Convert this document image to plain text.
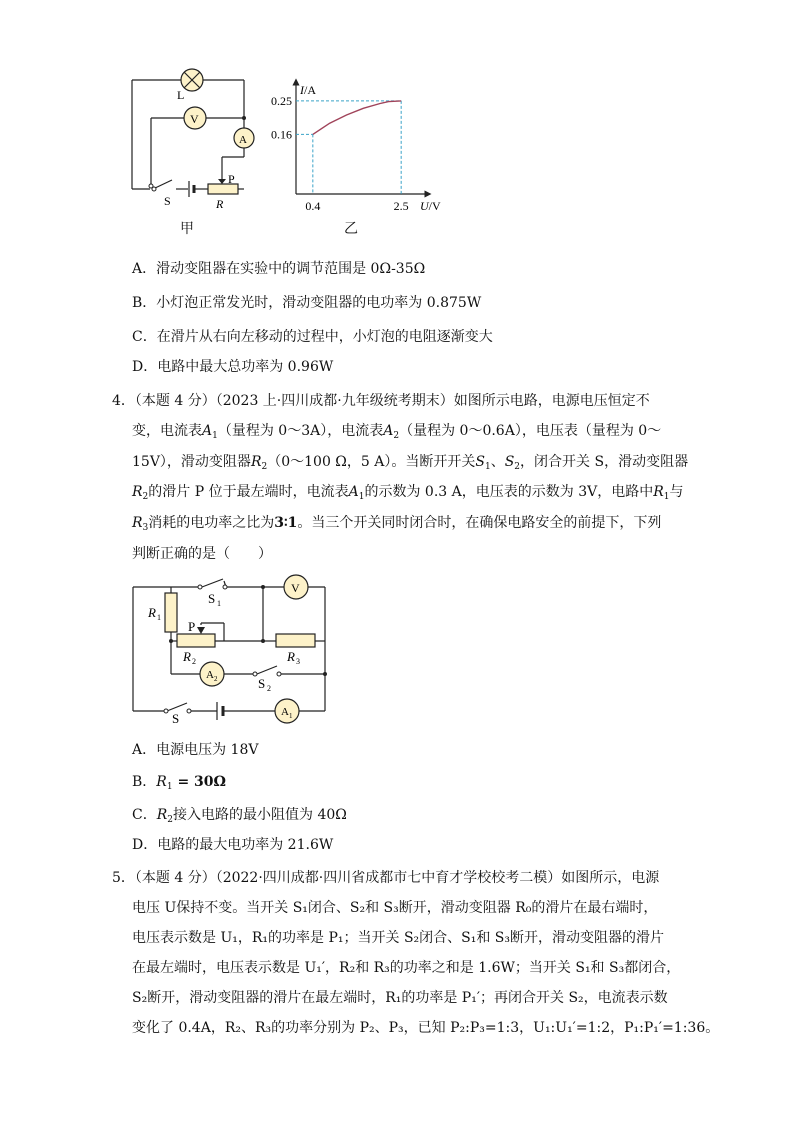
L
V
A
P
S	R
甲
I/A
U/V
0.4	2.5
0.16
0.25
乙
A．滑动变阻器在实验中的调节范围是 0Ω-35Ω
B．小灯泡正常发光时，滑动变阻器的电功率为 0.875W
C．在滑片从右向左移动的过程中，小灯泡的电阻逐渐变大
D．电路中最大总功率为 0.96W
4．（本题 4 分）（2023 上·四川成都·九年级统考期末）如图所示电路，电源电压恒定不
变，电流表$A_1$（量程为 0～3A），电流表$A_2$（量程为 0～0.6A），电压表（量程为 0～
15V），滑动变阻器$R_2(0\sim 100$ Ω，5 A）。当断开开关$S_1$、$S_2$，闭合开关 S，滑动变阻器
$R_2$的滑片 P 位于最左端时，电流表$A_1$的示数为 0.3 A，电压表的示数为 3V，电路中$R_1$与
$R_3$消耗的电功率之比为3∶1。当三个开关同时闭合时，在确保电路安全的前提下，下列
判断正确的是（　　）
R 1
S 1
V
P
R 2	R 3
A 2	S 2
S	A 1
A．电源电压为 18V
B．$R_1 = 30\Omega$
C．$R_2$接入电路的最小阻值为 40Ω
D．电路的最大电功率为 21.6W
5．（本题 4 分）（2022·四川成都·四川省成都市七中育才学校校考二模）如图所示，电源
电压 U保持不变。当开关 S₁闭合、S₂和 S₃断开，滑动变阻器 R₀的滑片在最右端时，
电压表示数是 U₁，R₁的功率是 P₁；当开关 S₂闭合、S₁和 S₃断开，滑动变阻器的滑片
在最左端时，电压表示数是 U₁′，R₂和 R₃的功率之和是 1.6W；当开关 S₁和 S₃都闭合，
S₂断开，滑动变阻器的滑片在最左端时，R₁的功率是 P₁′；再闭合开关 S₂，电流表示数
变化了 0.4A，R₂、R₃的功率分别为 P₂、P₃，已知 P₂:P₃=1:3，U₁:U₁′=1:2，P₁:P₁′=1:36。
